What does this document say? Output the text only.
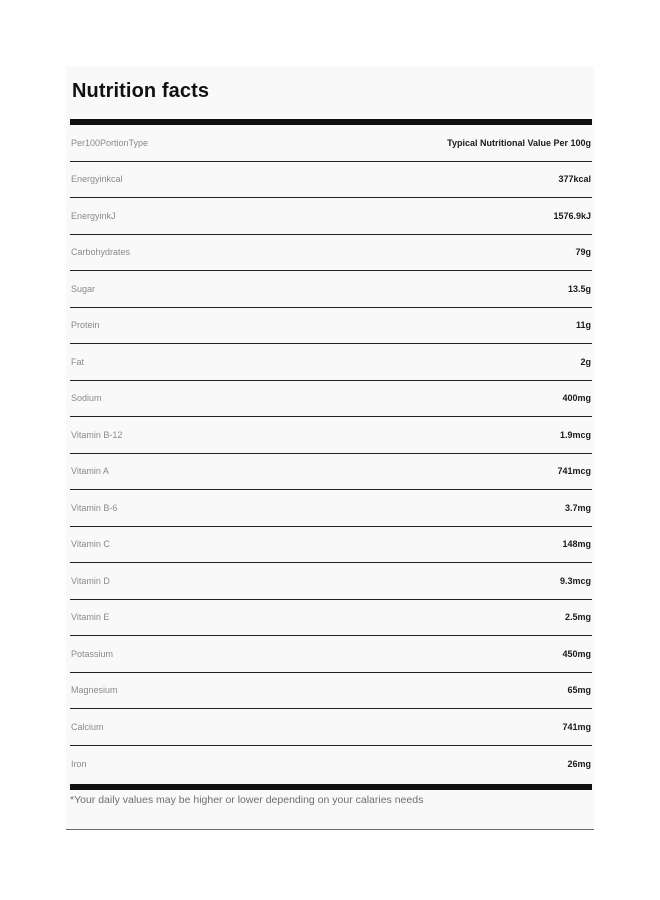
Nutrition facts
Per100PortionType	Typical Nutritional Value Per 100g
Energyinkcal	377kcal
EnergyinkJ	1576.9kJ
Carbohydrates	79g
Sugar	13.5g
Protein	11g
Fat	2g
Sodium	400mg
Vitamin B-12	1.9mcg
Vitamin A	741mcg
Vitamin B-6	3.7mg
Vitamin C	148mg
Vitamin D	9.3mcg
Vitamin E	2.5mg
Potassium	450mg
Magnesium	65mg
Calcium	741mg
Iron	26mg

*Your daily values may be higher or lower depending on your calaries needs
